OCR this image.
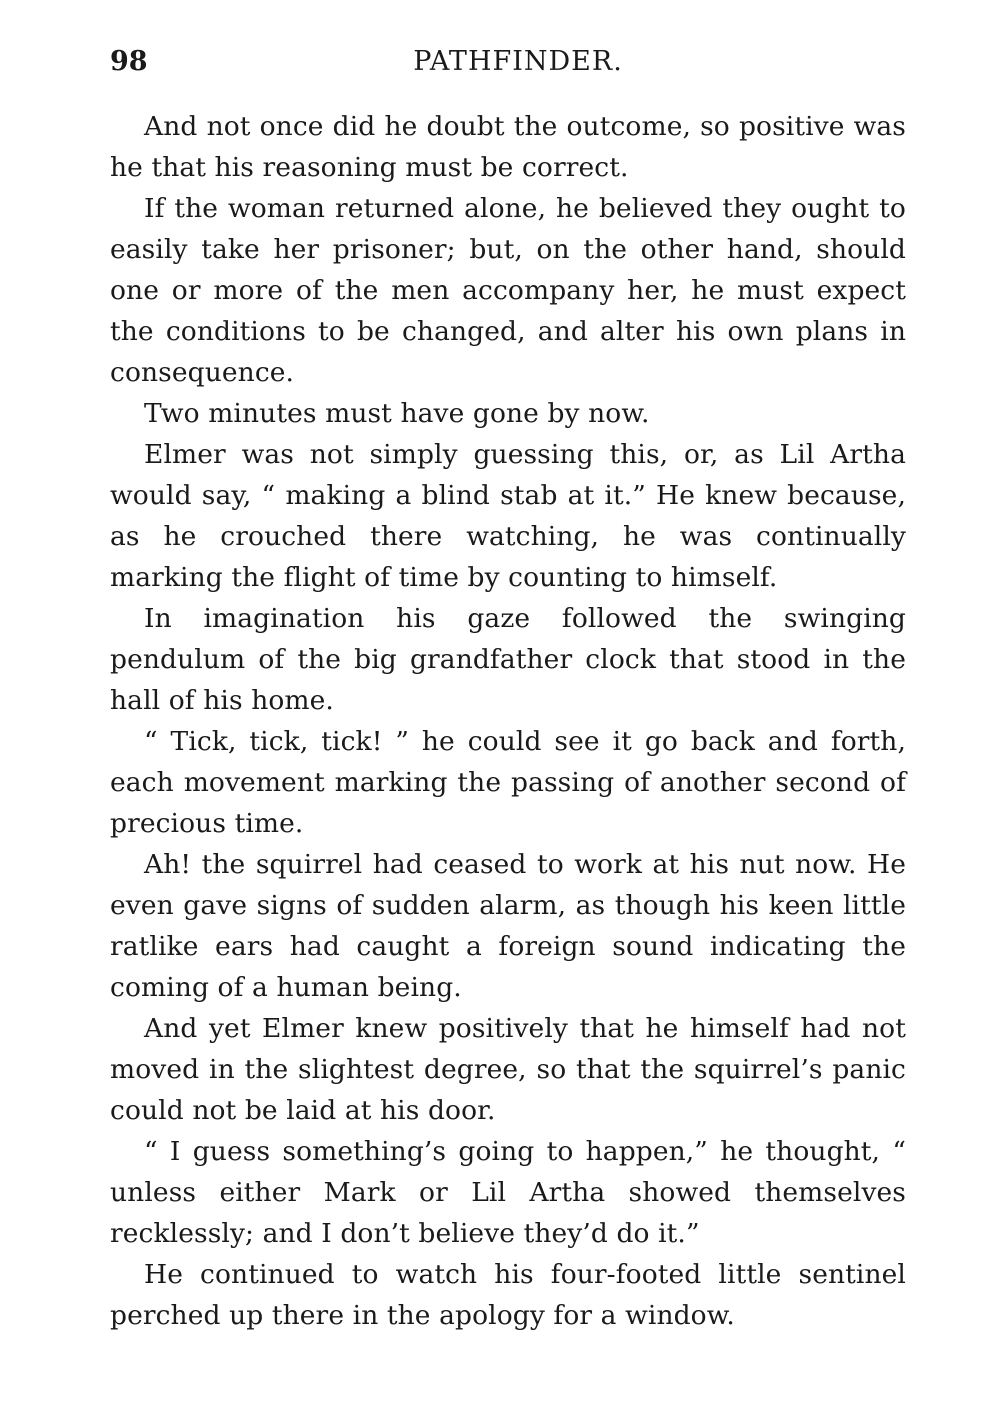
98	PATHFINDER.

And not once did he doubt the outcome, so positive was he that his reasoning must be correct.

If the woman returned alone, he believed they ought to easily take her prisoner; but, on the other hand, should one or more of the men accompany her, he must expect the conditions to be changed, and alter his own plans in consequence.

Two minutes must have gone by now.

Elmer was not simply guessing this, or, as Lil Artha would say, “ making a blind stab at it.” He knew because, as he crouched there watching, he was continually marking the flight of time by counting to himself.

In imagination his gaze followed the swinging pendulum of the big grandfather clock that stood in the hall of his home.

“ Tick, tick, tick! ” he could see it go back and forth, each movement marking the passing of another second of precious time.

Ah! the squirrel had ceased to work at his nut now. He even gave signs of sudden alarm, as though his keen little ratlike ears had caught a foreign sound indicating the coming of a human being.

And yet Elmer knew positively that he himself had not moved in the slightest degree, so that the squirrel’s panic could not be laid at his door.

“ I guess something’s going to happen,” he thought, “ unless either Mark or Lil Artha showed themselves recklessly; and I don’t believe they’d do it.”

He continued to watch his four-footed little sentinel perched up there in the apology for a window.
